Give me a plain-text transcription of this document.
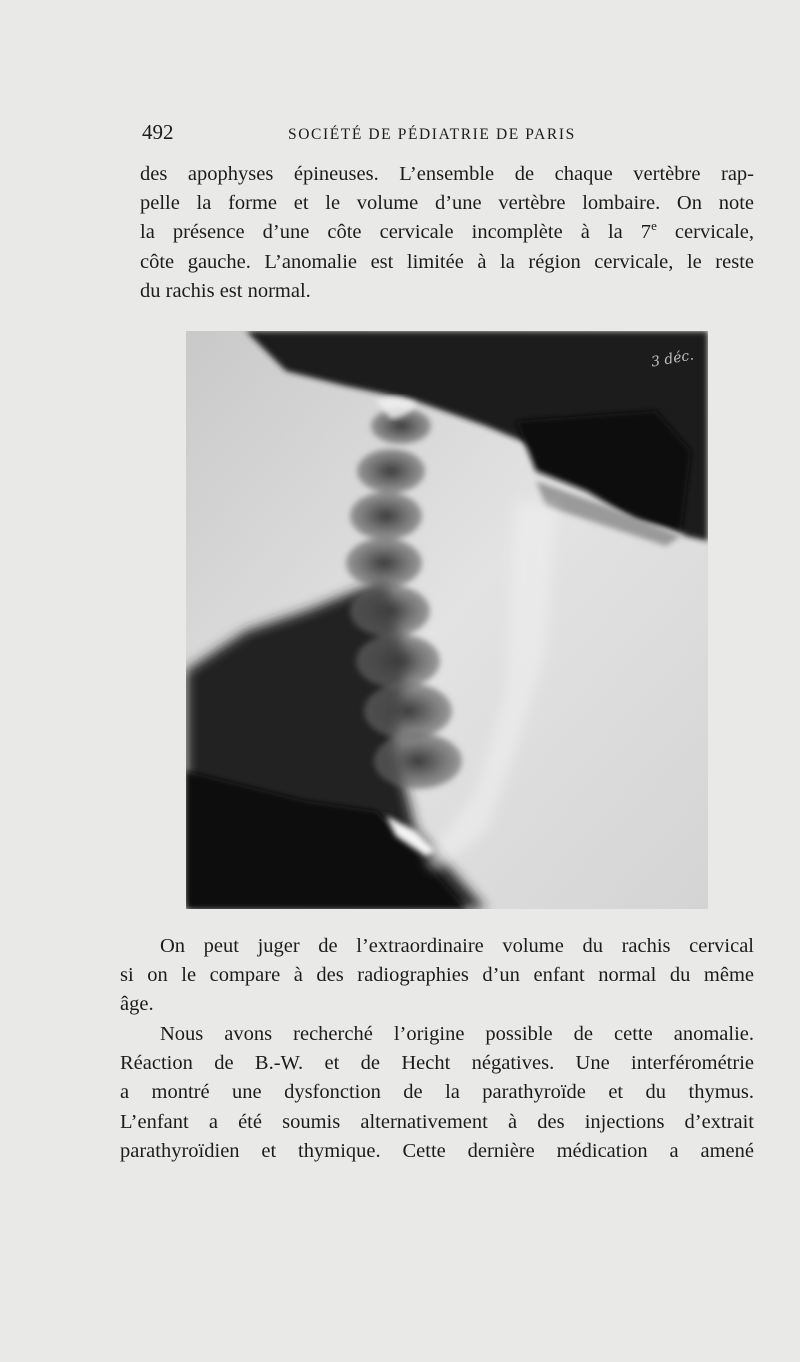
492	SOCIÉTÉ DE PÉDIATRIE DE PARIS

des apophyses épineuses. L’ensemble de chaque vertèbre rap-
pelle la forme et le volume d’une vertèbre lombaire. On note
la présence d’une côte cervicale incomplète à la 7e cervicale,
côte gauche. L’anomalie est limitée à la région cervicale, le reste
du rachis est normal.

3 déc.

On peut juger de l’extraordinaire volume du rachis cervical
si on le compare à des radiographies d’un enfant normal du même
âge.

Nous avons recherché l’origine possible de cette anomalie.
Réaction de B.-W. et de Hecht négatives. Une interférométrie
a montré une dysfonction de la parathyroïde et du thymus.
L’enfant a été soumis alternativement à des injections d’extrait
parathyroïdien et thymique. Cette dernière médication a amené
